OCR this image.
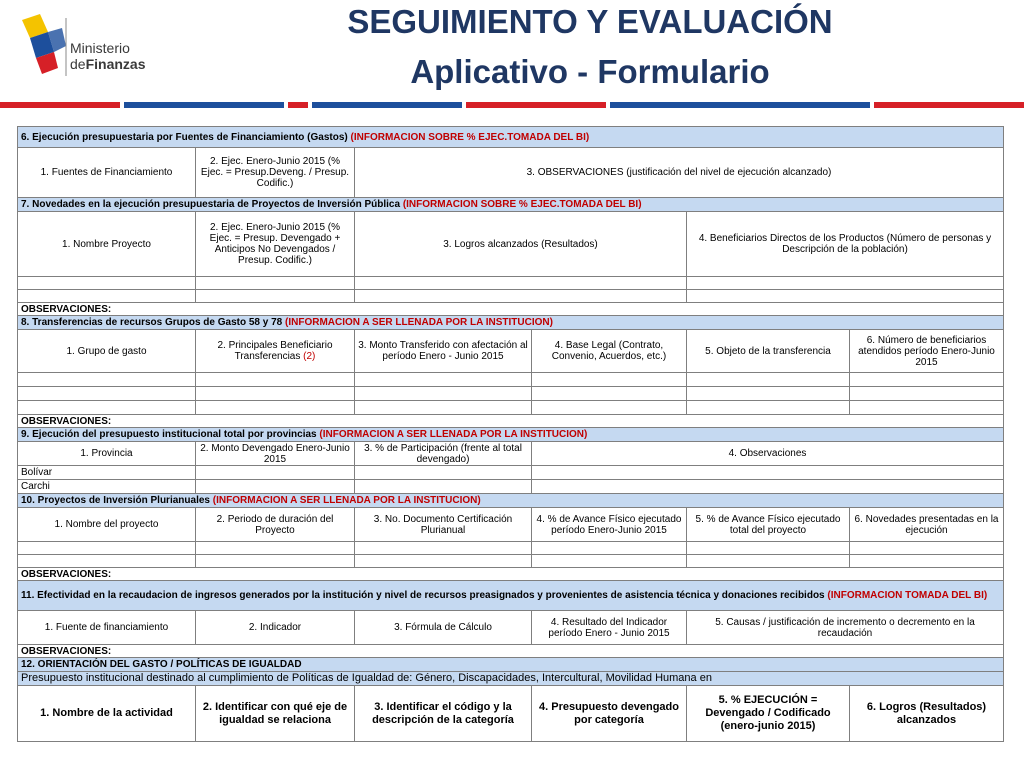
Ministerio
deFinanzas
SEGUIMIENTO Y EVALUACIÓN
Aplicativo - Formulario
6. Ejecución presupuestaria por Fuentes de Financiamiento (Gastos) (INFORMACION SOBRE % EJEC.TOMADA DEL BI)					
1. Fuentes de Financiamiento	2. Ejec. Enero-Junio 2015 (% Ejec. = Presup.Deveng. / Presup. Codific.)	3. OBSERVACIONES (justificación del nivel de ejecución alcanzado)			
7. Novedades en la ejecución presupuestaria de Proyectos de Inversión Pública (INFORMACION SOBRE % EJEC.TOMADA DEL BI)					
1. Nombre Proyecto	2. Ejec. Enero-Junio 2015 (% Ejec. = Presup. Devengado + Anticipos No Devengados / Presup. Codific.)	3. Logros alcanzados (Resultados)		4. Beneficiarios Directos de los Productos (Número de personas y Descripción de la población)	

OBSERVACIONES:					
8. Transferencias de recursos Grupos de Gasto 58 y 78 (INFORMACION A SER LLENADA POR LA INSTITUCION)					
1. Grupo de gasto	2. Principales Beneficiario Transferencias (2)	3. Monto Transferido con afectación al período Enero - Junio 2015	4. Base Legal (Contrato, Convenio, Acuerdos, etc.)	5. Objeto de la transferencia	6. Número de beneficiarios atendidos período Enero-Junio 2015

OBSERVACIONES:					
9. Ejecución del presupuesto institucional total por provincias (INFORMACION A SER LLENADA POR LA INSTITUCION)					
1. Provincia	2. Monto Devengado Enero-Junio 2015	3. % de Participación (frente al total devengado)	4. Observaciones		
Bolívar					
Carchi					
10. Proyectos de Inversión Plurianuales (INFORMACION A SER LLENADA POR LA INSTITUCION)					
1. Nombre del proyecto	2. Periodo de duración del Proyecto	3. No. Documento Certificación Plurianual	4. % de Avance Físico ejecutado período Enero-Junio 2015	5. % de Avance Físico ejecutado total del proyecto	6. Novedades presentadas en la ejecución

OBSERVACIONES:					
11. Efectividad en la recaudacion de ingresos generados por la institución y nivel de recursos preasignados y provenientes de asistencia técnica y donaciones recibidos (INFORMACION TOMADA DEL BI)					
1. Fuente de financiamiento	2. Indicador	3. Fórmula de Cálculo	4. Resultado del Indicador período Enero - Junio 2015	5. Causas / justificación de incremento o decremento en la recaudación	
OBSERVACIONES:					
12. ORIENTACIÓN DEL GASTO / POLÍTICAS DE IGUALDAD					
Presupuesto institucional destinado al cumplimiento de Políticas de Igualdad de: Género, Discapacidades, Intercultural, Movilidad Humana en					
1. Nombre de la actividad	2. Identificar con qué eje de igualdad se relaciona	3. Identificar el código y la descripción de la categoría	4. Presupuesto devengado por categoría	5. % EJECUCIÓN = Devengado / Codificado (enero-junio 2015)	6. Logros (Resultados) alcanzados
